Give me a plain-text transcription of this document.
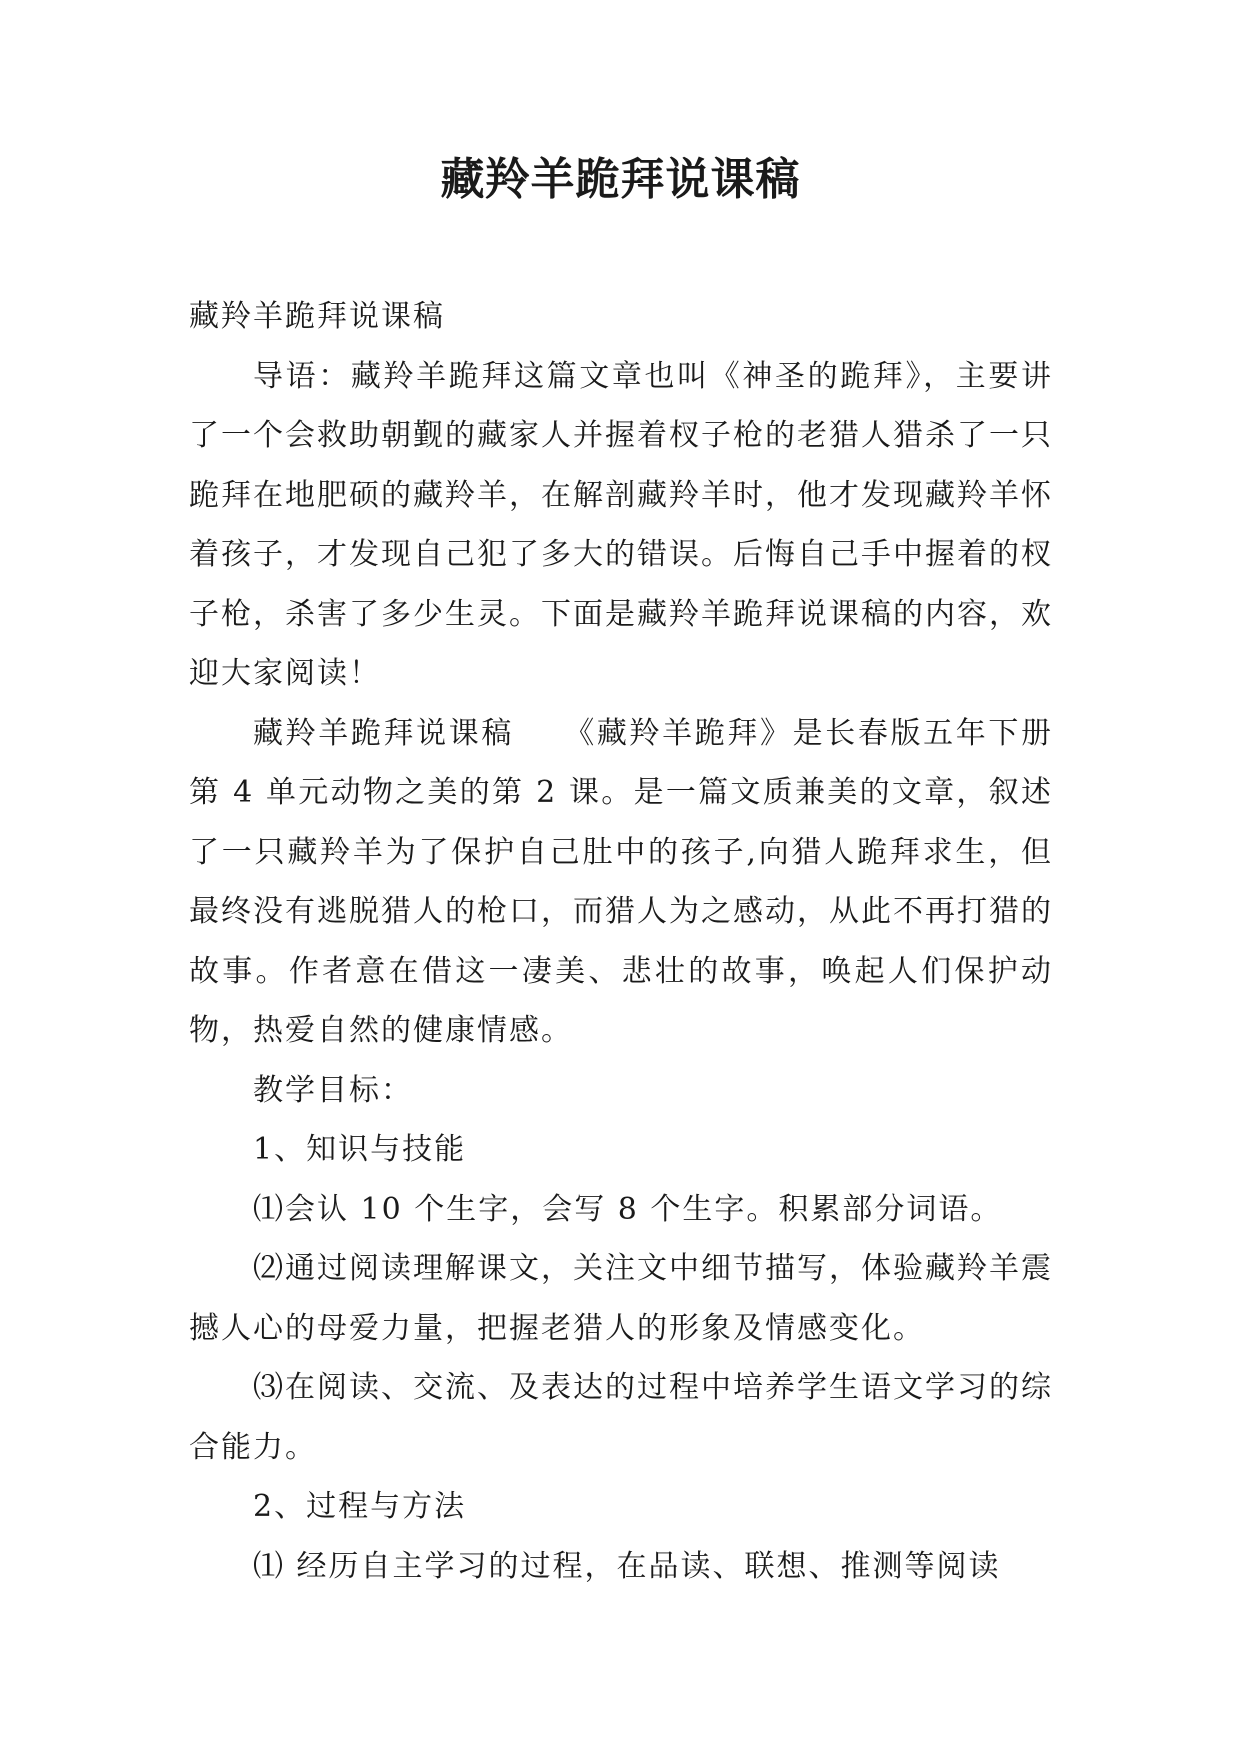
藏羚羊跪拜说课稿

藏羚羊跪拜说课稿

导语：藏羚羊跪拜这篇文章也叫《神圣的跪拜》，主要讲了一个会救助朝觐的藏家人并握着杈子枪的老猎人猎杀了一只跪拜在地肥硕的藏羚羊，在解剖藏羚羊时，他才发现藏羚羊怀着孩子，才发现自己犯了多大的错误。后悔自己手中握着的杈子枪，杀害了多少生灵。下面是藏羚羊跪拜说课稿的内容，欢迎大家阅读！

藏羚羊跪拜说课稿　　《藏羚羊跪拜》是长春版五年下册第 4 单元动物之美的第 2 课。是一篇文质兼美的文章，叙述了一只藏羚羊为了保护自己肚中的孩子,向猎人跪拜求生，但最终没有逃脱猎人的枪口，而猎人为之感动，从此不再打猎的故事。作者意在借这一凄美、悲壮的故事，唤起人们保护动物，热爱自然的健康情感。

教学目标：

1、知识与技能

⑴会认 10 个生字，会写 8 个生字。积累部分词语。

⑵通过阅读理解课文，关注文中细节描写，体验藏羚羊震撼人心的母爱力量，把握老猎人的形象及情感变化。

⑶在阅读、交流、及表达的过程中培养学生语文学习的综合能力。

2、过程与方法

⑴ 经历自主学习的过程，在品读、联想、推测等阅读
